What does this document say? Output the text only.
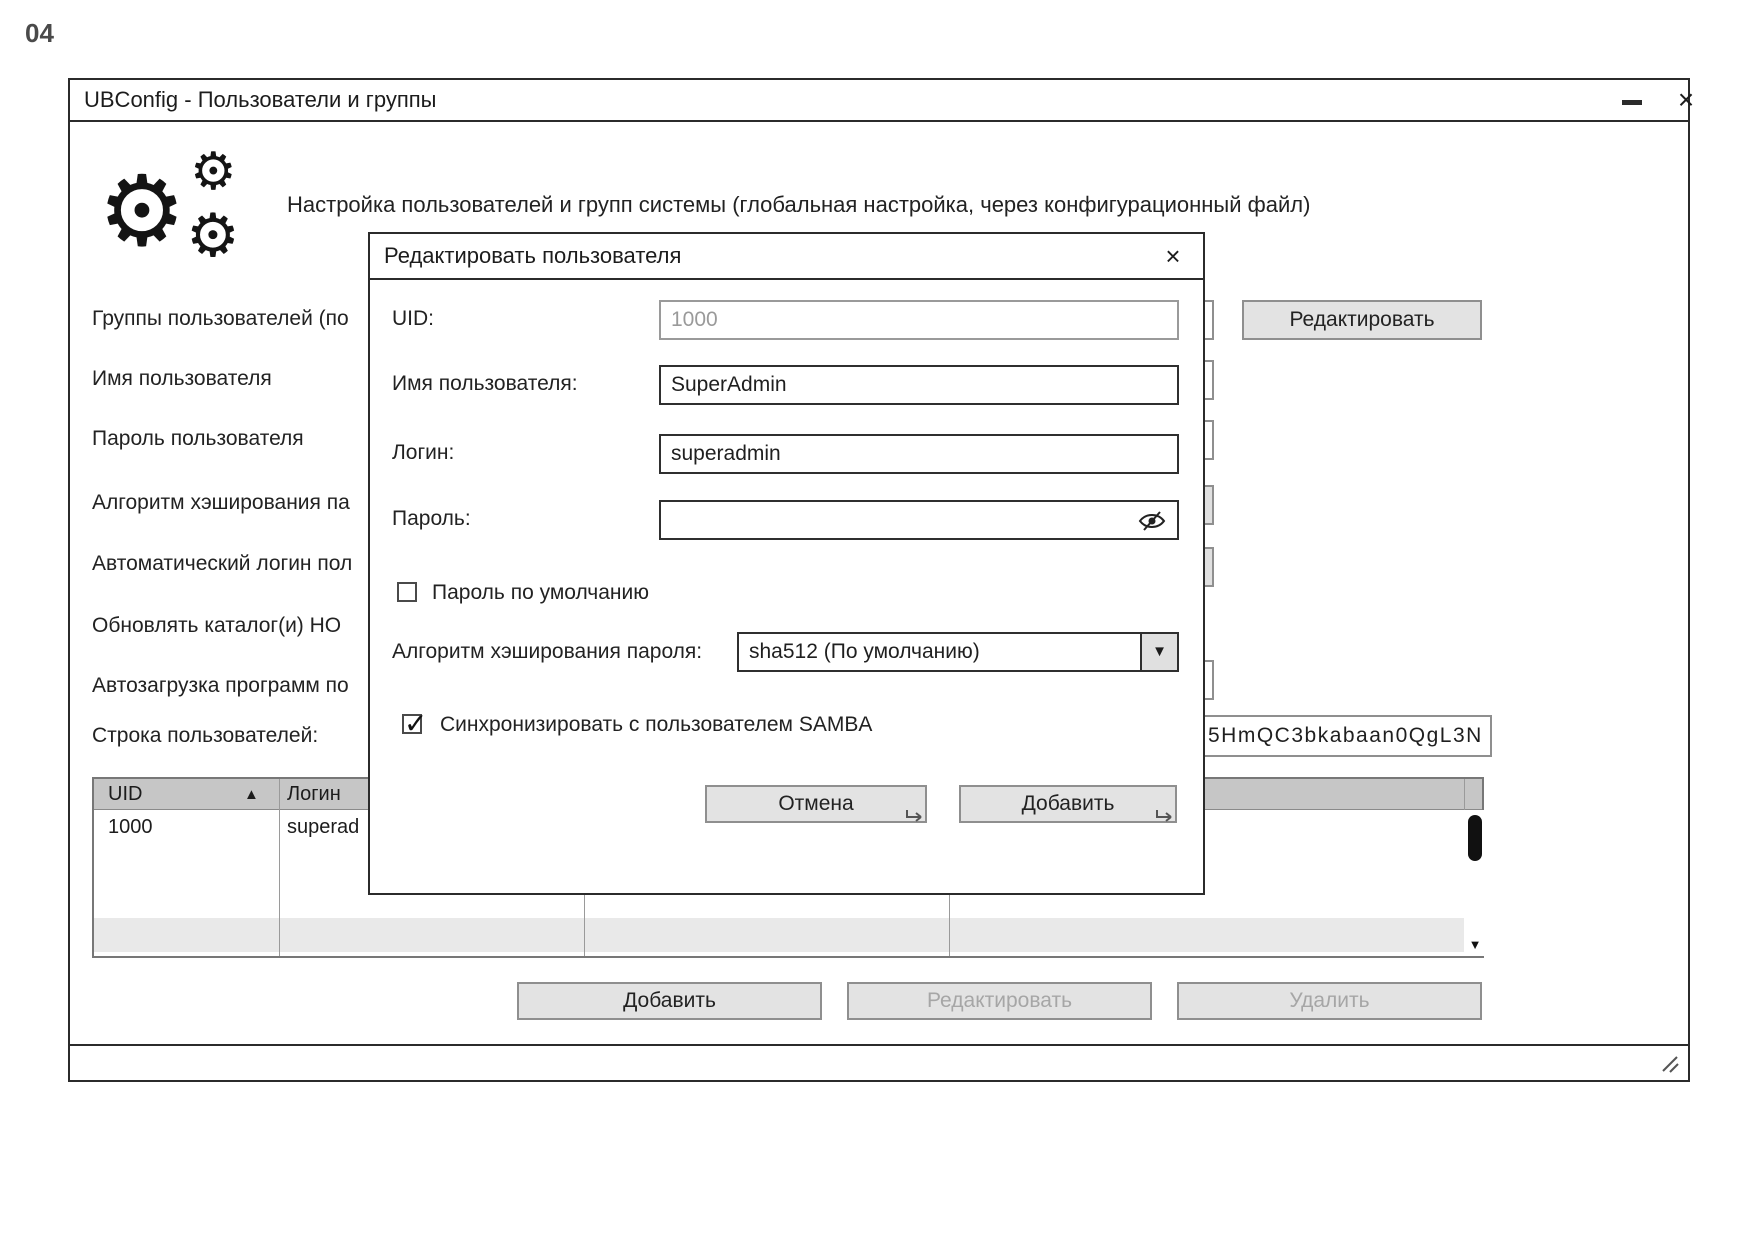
04
UBConfig - Пользователи и группы	×
⚙ ⚙
⚙ Настройка пользователей и групп системы (глобальная настройка, через конфигурационный файл)
Группы пользователей (по
Имя пользователя
Пароль пользователя
Алгоритм хэширования па
Автоматический логин пол
Обновлять каталог(и) HO
Автозагрузка программ по
Строка пользователей:
Редактировать
5HmQC3bkabaan0QgL3N
UID	▲ Логин
1000	superad
▼
Добавить	Редактировать	Удалить
Редактировать пользователя	×
UID:	1000
Имя пользователя:	SuperAdmin
Логин:	superadmin
Пароль:
Пароль по умолчанию
Алгоритм хэширования пароля:	sha512 (По умолчанию)	▼
✓ Синхронизировать с пользователем SAMBA
Отмена	Добавить
